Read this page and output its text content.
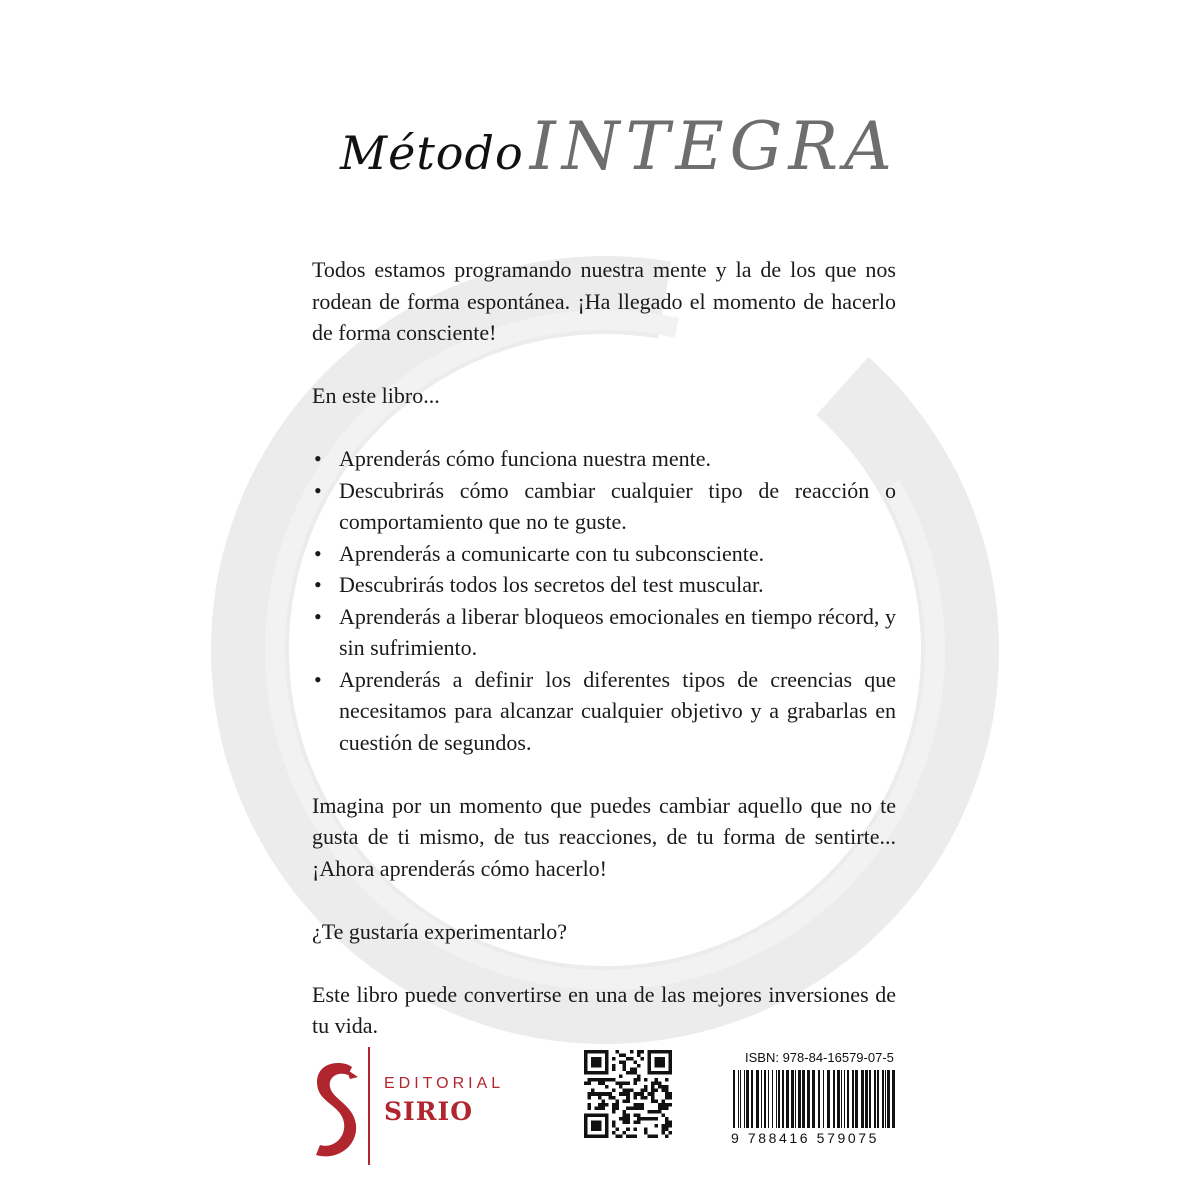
MétodoINTEGRA

Todos estamos programando nuestra mente y la de los que nos rodean de forma espontánea. ¡Ha llegado el momento de hacerlo de forma consciente!

En este libro...

• Aprenderás cómo funciona nuestra mente.
• Descubrirás cómo cambiar cualquier tipo de reacción o comportamiento que no te guste.
• Aprenderás a comunicarte con tu subconsciente.
• Descubrirás todos los secretos del test muscular.
• Aprenderás a liberar bloqueos emocionales en tiempo récord, y sin sufrimiento.
• Aprenderás a definir los diferentes tipos de creencias que necesitamos para alcanzar cualquier objetivo y a grabarlas en cuestión de segundos.

Imagina por un momento que puedes cambiar aquello que no te gusta de ti mismo, de tus reacciones, de tu forma de sentirte... ¡Ahora aprenderás cómo hacerlo!

¿Te gustaría experimentarlo?

Este libro puede convertirse en una de las mejores inversiones de tu vida.

EDITORIAL
SIRIO
ISBN: 978-84-16579-07-5
9 788416 579075
